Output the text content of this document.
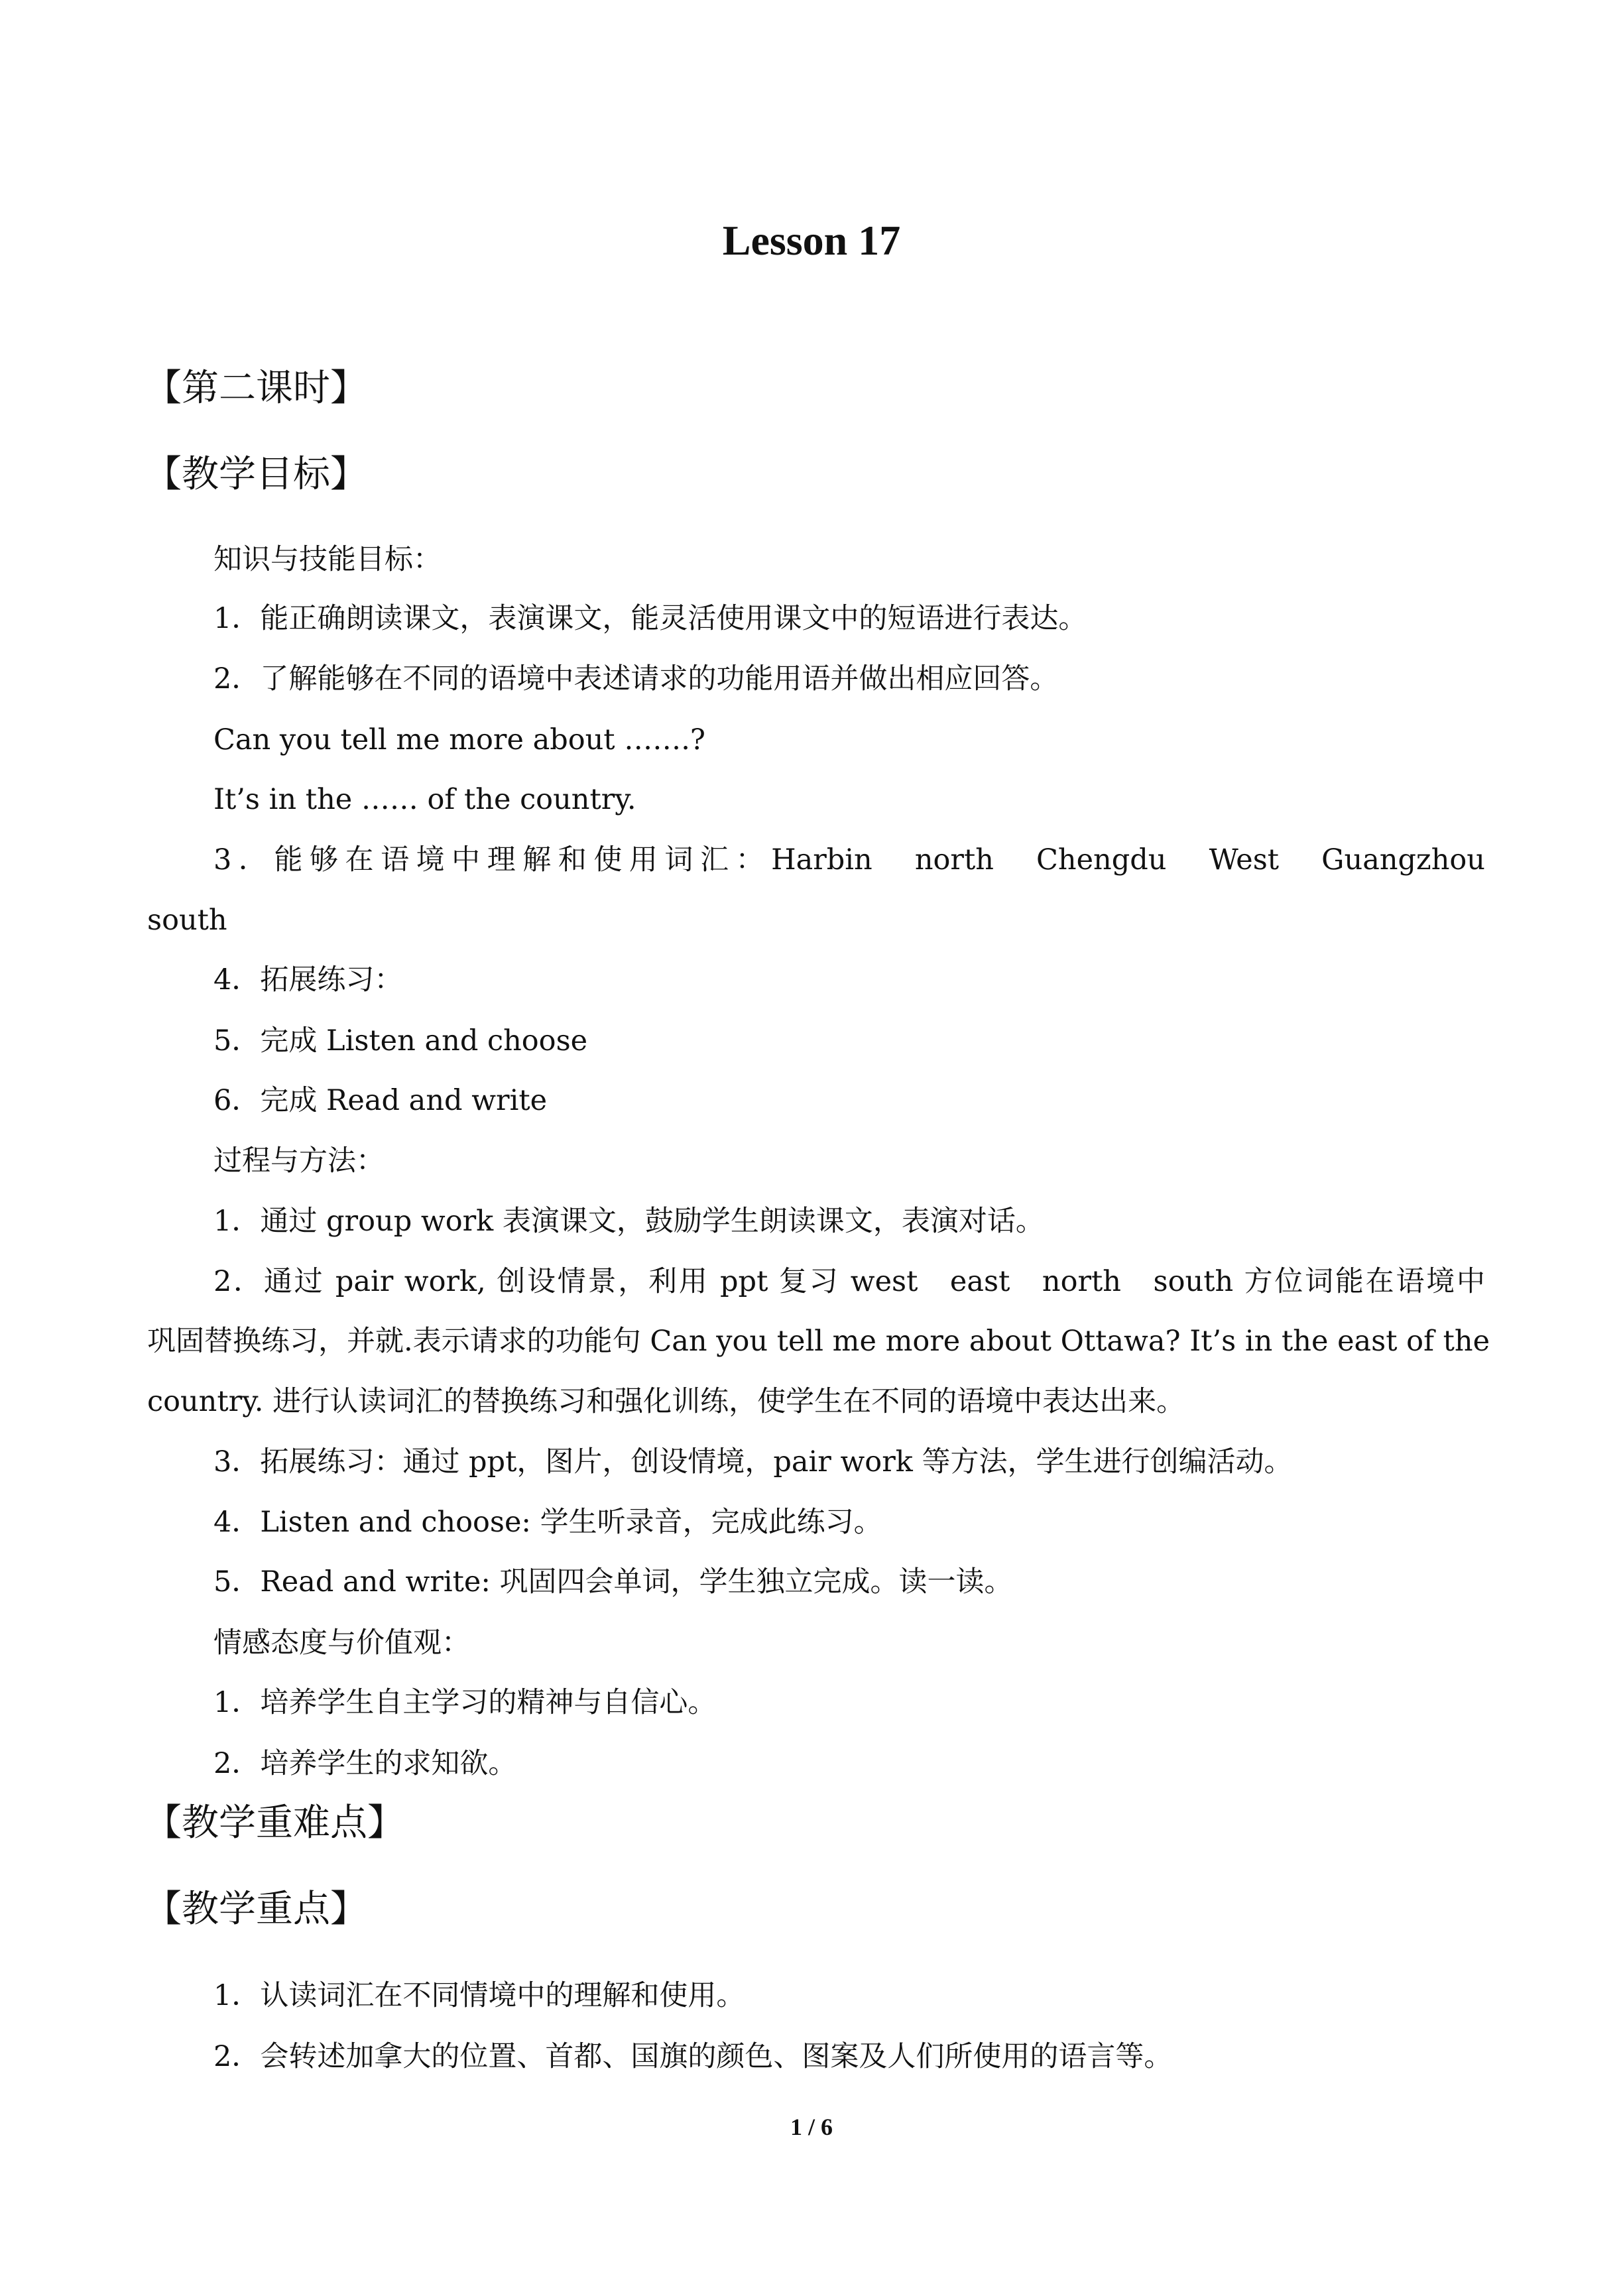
Lesson 17
【第二课时】
【教学目标】
知识与技能目标：
1．能正确朗读课文，表演课文，能灵活使用课文中的短语进行表达。
2．了解能够在不同的语境中表述请求的功能用语并做出相应回答。
Can you tell me more about …….?
It’s in the …… of the country.
3．能够在语境中理解和使用词汇：Harbin　north　Chengdu　West　Guangzhou
south
4．拓展练习：
5．完成 Listen and choose
6．完成 Read and write
过程与方法：
1．通过 group work 表演课文，鼓励学生朗读课文，表演对话。
2．通过 pair work, 创设情景，利用 ppt 复习 west　east　north　south 方位词能在语境中
巩固替换练习，并就.表示请求的功能句 Can you tell me more about Ottawa? It’s in the east of the
country. 进行认读词汇的替换练习和强化训练，使学生在不同的语境中表达出来。
3．拓展练习：通过 ppt，图片，创设情境，pair work 等方法，学生进行创编活动。
4．Listen and choose: 学生听录音，完成此练习。
5．Read and write: 巩固四会单词，学生独立完成。读一读。
情感态度与价值观：
1．培养学生自主学习的精神与自信心。
2．培养学生的求知欲。
【教学重难点】
【教学重点】
1．认读词汇在不同情境中的理解和使用。
2．会转述加拿大的位置、首都、国旗的颜色、图案及人们所使用的语言等。
1 / 6
